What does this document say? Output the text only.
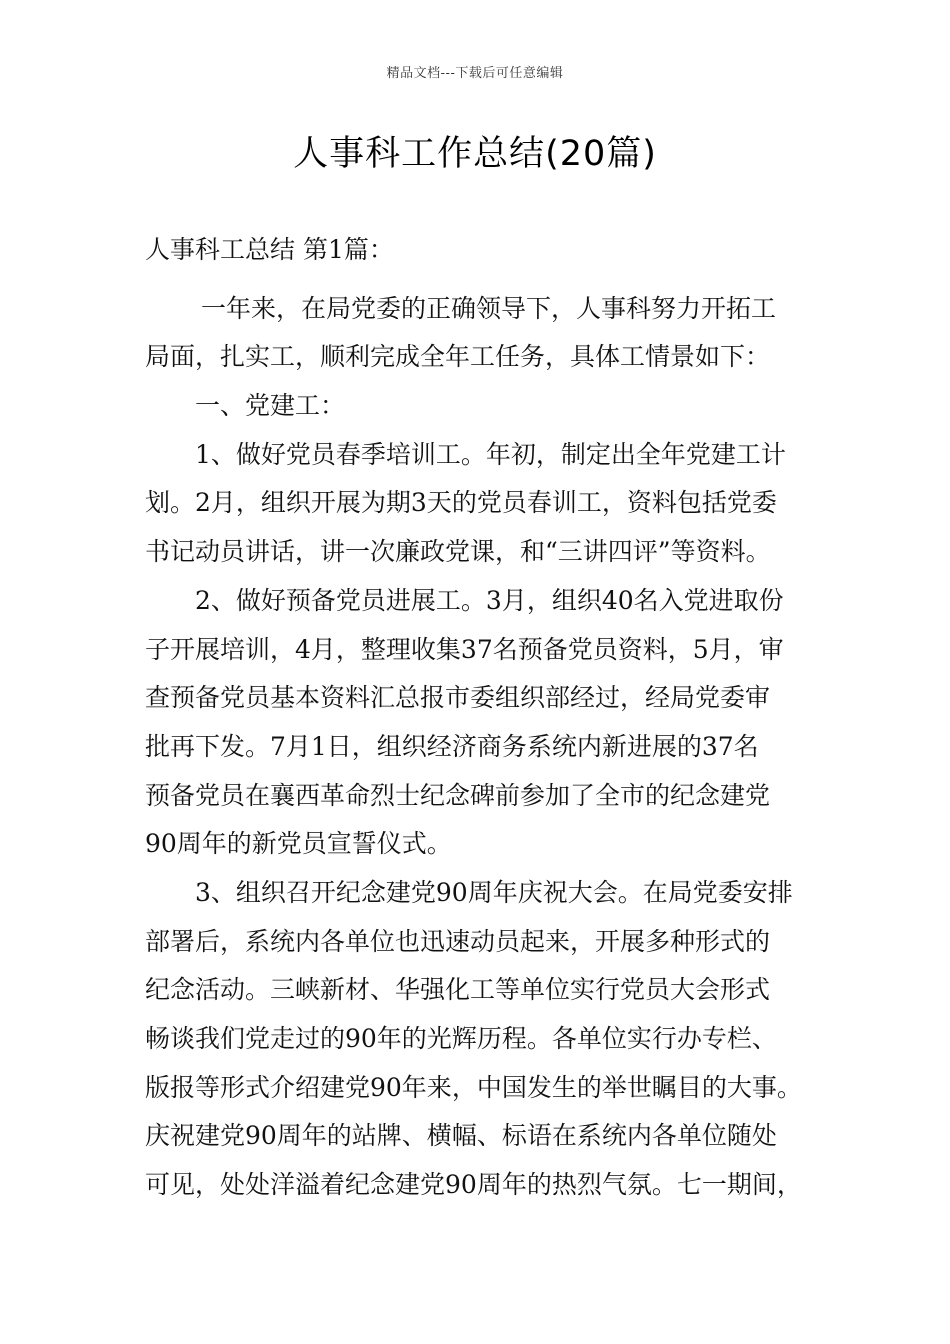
精品文档---下载后可任意编辑
人事科工作总结(20篇)
人事科工总结 第1篇：
一年来，在局党委的正确领导下，人事科努力开拓工
局面，扎实工，顺利完成全年工任务，具体工情景如下：
一、党建工：
1、做好党员春季培训工。年初，制定出全年党建工计
划。2月，组织开展为期3天的党员春训工，资料包括党委
书记动员讲话，讲一次廉政党课，和“三讲四评”等资料。
2、做好预备党员进展工。3月，组织40名入党进取份
子开展培训，4月，整理收集37名预备党员资料，5月，审
查预备党员基本资料汇总报市委组织部经过，经局党委审
批再下发。7月1日，组织经济商务系统内新进展的37名
预备党员在襄西革命烈士纪念碑前参加了全市的纪念建党
90周年的新党员宣誓仪式。
3、组织召开纪念建党90周年庆祝大会。在局党委安排
部署后，系统内各单位也迅速动员起来，开展多种形式的
纪念活动。三峡新材、华强化工等单位实行党员大会形式
畅谈我们党走过的90年的光辉历程。各单位实行办专栏、
版报等形式介绍建党90年来，中国发生的举世瞩目的大事。
庆祝建党90周年的站牌、横幅、标语在系统内各单位随处
可见，处处洋溢着纪念建党90周年的热烈气氛。七一期间，
